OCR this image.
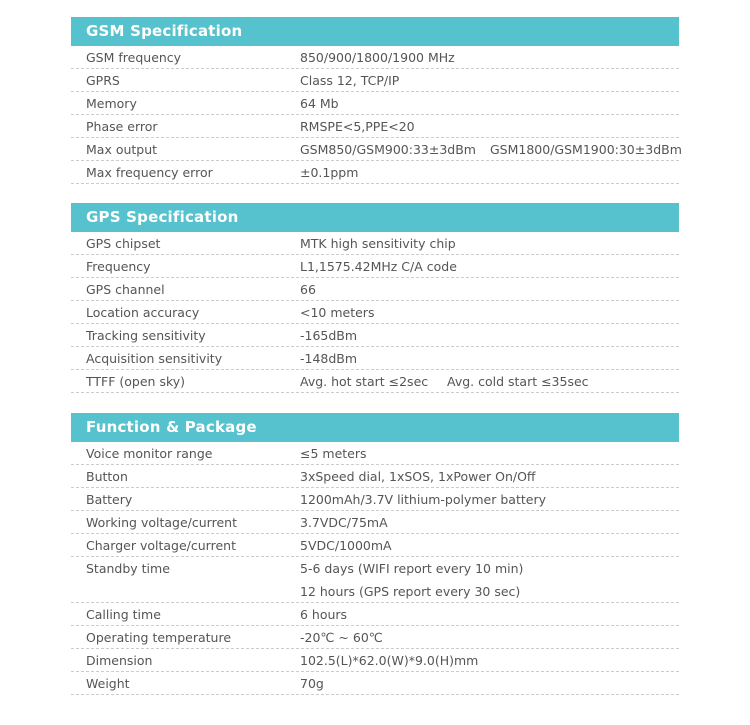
GSM Specification
GSM frequency	850/900/1800/1900 MHz
GPRS	Class 12, TCP/IP
Memory	64 Mb
Phase error	RMSPE<5,PPE<20
Max output	GSM850/GSM900:33±3dBm GSM1800/GSM1900:30±3dBm
Max frequency error	±0.1ppm
GPS Specification
GPS chipset	MTK high sensitivity chip
Frequency	L1,1575.42MHz C/A code
GPS channel	66
Location accuracy	<10 meters
Tracking sensitivity	-165dBm
Acquisition sensitivity	-148dBm
TTFF (open sky)	Avg. hot start ≤2sec Avg. cold start ≤35sec
Function & Package
Voice monitor range	≤5 meters
Button	3xSpeed dial, 1xSOS, 1xPower On/Off
Battery	1200mAh/3.7V lithium-polymer battery
Working voltage/current	3.7VDC/75mA
Charger voltage/current	5VDC/1000mA
Standby time	5-6 days (WIFI report every 10 min)
12 hours (GPS report every 30 sec)
Calling time	6 hours
Operating temperature	-20℃ ~ 60℃
Dimension	102.5(L)*62.0(W)*9.0(H)mm
Weight	70g
